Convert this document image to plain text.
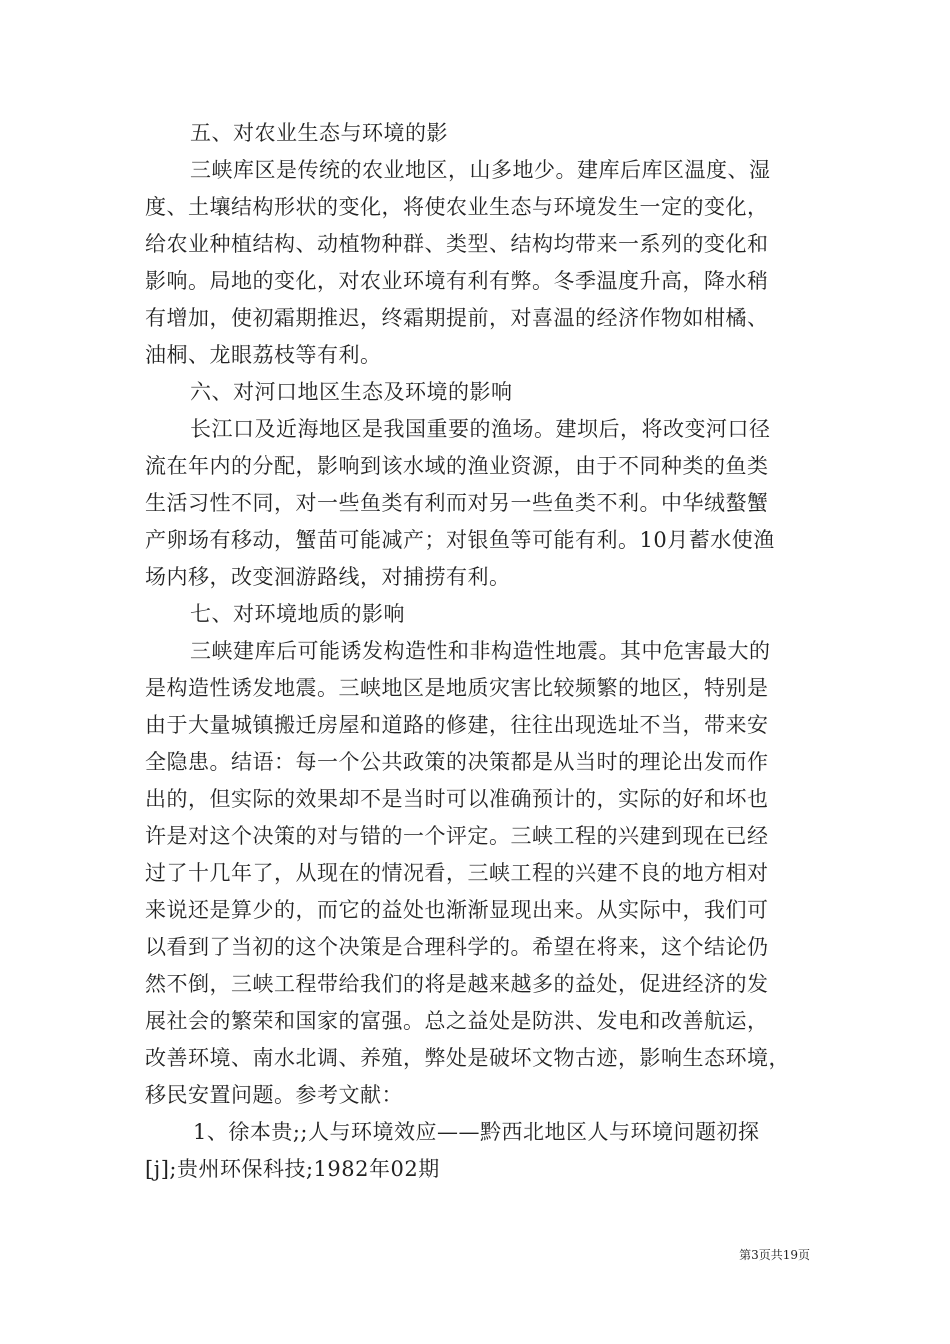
五、对农业生态与环境的影
三峡库区是传统的农业地区，山多地少。建库后库区温度、湿
度、土壤结构形状的变化，将使农业生态与环境发生一定的变化，
给农业种植结构、动植物种群、类型、结构均带来一系列的变化和
影响。局地的变化，对农业环境有利有弊。冬季温度升高，降水稍
有增加，使初霜期推迟，终霜期提前，对喜温的经济作物如柑橘、
油桐、龙眼荔枝等有利。
六、对河口地区生态及环境的影响
长江口及近海地区是我国重要的渔场。建坝后，将改变河口径
流在年内的分配，影响到该水域的渔业资源，由于不同种类的鱼类
生活习性不同，对一些鱼类有利而对另一些鱼类不利。中华绒螯蟹
产卵场有移动，蟹苗可能减产；对银鱼等可能有利。10月蓄水使渔
场内移，改变洄游路线，对捕捞有利。
七、对环境地质的影响
三峡建库后可能诱发构造性和非构造性地震。其中危害最大的
是构造性诱发地震。三峡地区是地质灾害比较频繁的地区，特别是
由于大量城镇搬迁房屋和道路的修建，往往出现选址不当，带来安
全隐患。结语：每一个公共政策的决策都是从当时的理论出发而作
出的，但实际的效果却不是当时可以准确预计的，实际的好和坏也
许是对这个决策的对与错的一个评定。三峡工程的兴建到现在已经
过了十几年了，从现在的情况看，三峡工程的兴建不良的地方相对
来说还是算少的，而它的益处也渐渐显现出来。从实际中，我们可
以看到了当初的这个决策是合理科学的。希望在将来，这个结论仍
然不倒，三峡工程带给我们的将是越来越多的益处，促进经济的发
展社会的繁荣和国家的富强。总之益处是防洪、发电和改善航运，
改善环境、南水北调、养殖，弊处是破坏文物古迹，影响生态环境，
移民安置问题。参考文献：
1、徐本贵;;人与环境效应——黔西北地区人与环境问题初探
[j];贵州环保科技;1982年02期
第3页共19页
